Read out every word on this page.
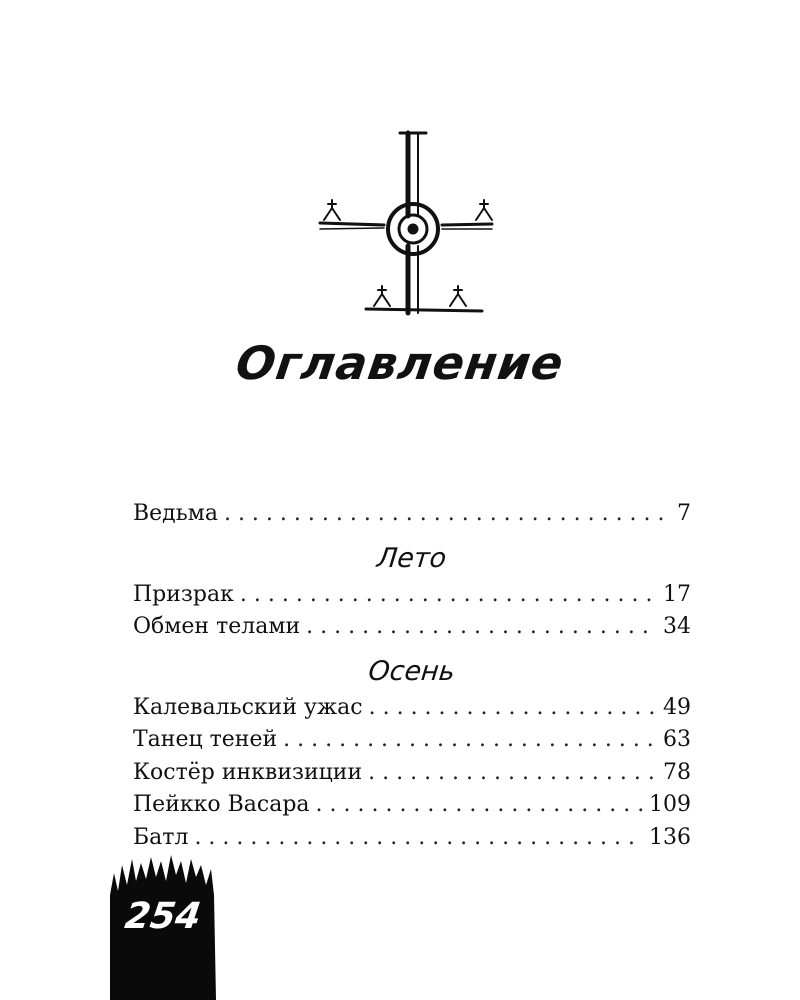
Оглавление
Ведьма . . .	7
Лето
Призрак . . .	17
Обмен телами . . .	34
Осень
Калевальский ужас . . .	49
Танец теней . . .	63
Костёр инквизиции . . .	78
Пейкко Васара . . .	109
Батл . . .	136
254
